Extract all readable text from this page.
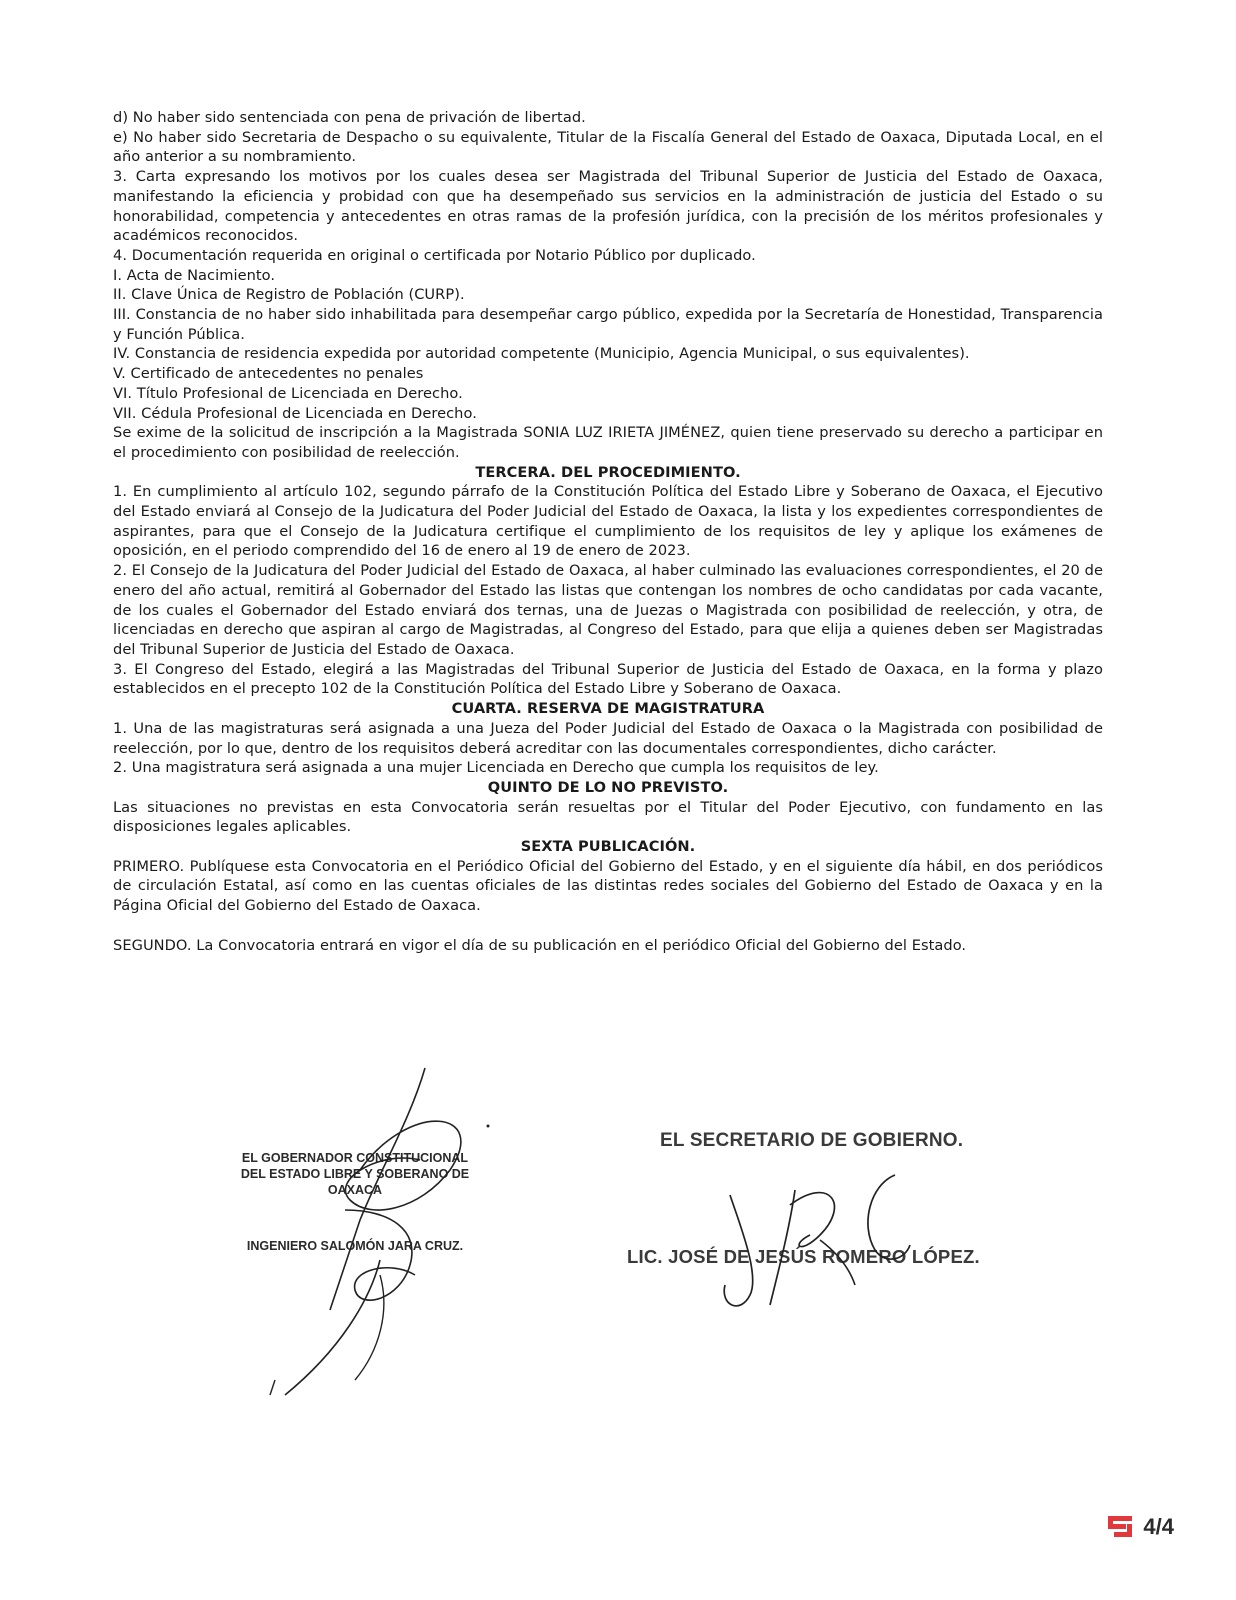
d) No haber sido sentenciada con pena de privación de libertad.

e) No haber sido Secretaria de Despacho o su equivalente, Titular de la Fiscalía General del Estado de Oaxaca, Diputada Local, en el año anterior a su nombramiento.

3. Carta expresando los motivos por los cuales desea ser Magistrada del Tribunal Superior de Justicia del Estado de Oaxaca, manifestando la eficiencia y probidad con que ha desempeñado sus servicios en la administración de justicia del Estado o su honorabilidad, competencia y antecedentes en otras ramas de la profesión jurídica, con la precisión de los méritos profesionales y académicos reconocidos.

4. Documentación requerida en original o certificada por Notario Público por duplicado.

I. Acta de Nacimiento.

II. Clave Única de Registro de Población (CURP).

III. Constancia de no haber sido inhabilitada para desempeñar cargo público, expedida por la Secretaría de Honestidad, Transparencia y Función Pública.

IV. Constancia de residencia expedida por autoridad competente (Municipio, Agencia Municipal, o sus equivalentes).

V. Certificado de antecedentes no penales

VI. Título Profesional de Licenciada en Derecho.

VII. Cédula Profesional de Licenciada en Derecho.

Se exime de la solicitud de inscripción a la Magistrada SONIA LUZ IRIETA JIMÉNEZ, quien tiene preservado su derecho a participar en el procedimiento con posibilidad de reelección.

TERCERA. DEL PROCEDIMIENTO.

1. En cumplimiento al artículo 102, segundo párrafo de la Constitución Política del Estado Libre y Soberano de Oaxaca, el Ejecutivo del Estado enviará al Consejo de la Judicatura del Poder Judicial del Estado de Oaxaca, la lista y los expedientes correspondientes de aspirantes, para que el Consejo de la Judicatura certifique el cumplimiento de los requisitos de ley y aplique los exámenes de oposición, en el periodo comprendido del 16 de enero al 19 de enero de 2023.

2. El Consejo de la Judicatura del Poder Judicial del Estado de Oaxaca, al haber culminado las evaluaciones correspondientes, el 20 de enero del año actual, remitirá al Gobernador del Estado las listas que contengan los nombres de ocho candidatas por cada vacante, de los cuales el Gobernador del Estado enviará dos ternas, una de Juezas o Magistrada con posibilidad de reelección, y otra, de licenciadas en derecho que aspiran al cargo de Magistradas, al Congreso del Estado, para que elija a quienes deben ser Magistradas del Tribunal Superior de Justicia del Estado de Oaxaca.

3. El Congreso del Estado, elegirá a las Magistradas del Tribunal Superior de Justicia del Estado de Oaxaca, en la forma y plazo establecidos en el precepto 102 de la Constitución Política del Estado Libre y Soberano de Oaxaca.

CUARTA. RESERVA DE MAGISTRATURA

1. Una de las magistraturas será asignada a una Jueza del Poder Judicial del Estado de Oaxaca o la Magistrada con posibilidad de reelección, por lo que, dentro de los requisitos deberá acreditar con las documentales correspondientes, dicho carácter.

2. Una magistratura será asignada a una mujer Licenciada en Derecho que cumpla los requisitos de ley.

QUINTO DE LO NO PREVISTO.

Las situaciones no previstas en esta Convocatoria serán resueltas por el Titular del Poder Ejecutivo, con fundamento en las disposiciones legales aplicables.

SEXTA PUBLICACIÓN.

PRIMERO. Publíquese esta Convocatoria en el Periódico Oficial del Gobierno del Estado, y en el siguiente día hábil, en dos periódicos de circulación Estatal, así como en las cuentas oficiales de las distintas redes sociales del Gobierno del Estado de Oaxaca y en la Página Oficial del Gobierno del Estado de Oaxaca.

SEGUNDO. La Convocatoria entrará en vigor el día de su publicación en el periódico Oficial del Gobierno del Estado.

EL GOBERNADOR CONSTITUCIONAL
DEL ESTADO LIBRE Y SOBERANO DE
OAXACA
INGENIERO SALOMÓN JARA CRUZ.
EL SECRETARIO DE GOBIERNO.
LIC. JOSÉ DE JESÚS ROMERO LÓPEZ.
4/4
